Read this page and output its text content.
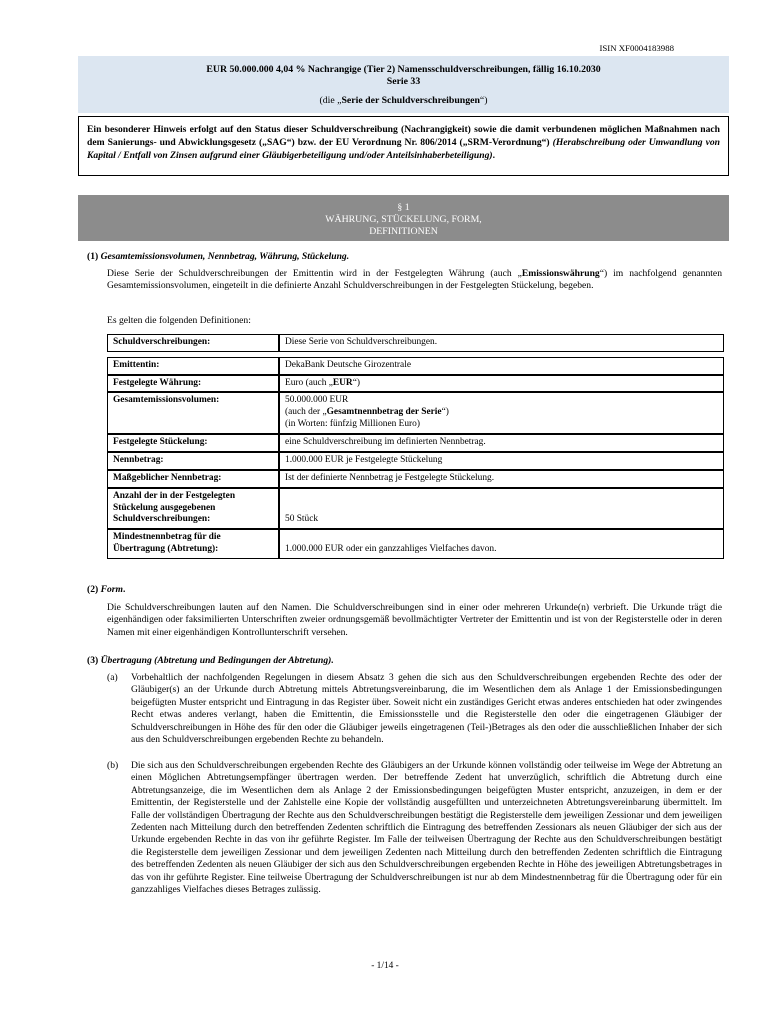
ISIN XF0004183988
EUR 50.000.000 4,04 % Nachrangige (Tier 2) Namensschuldverschreibungen, fällig 16.10.2030
Serie 33
(die „Serie der Schuldverschreibungen“)
Ein besonderer Hinweis erfolgt auf den Status dieser Schuldverschreibung (Nachrangigkeit) sowie die damit verbundenen möglichen Maßnahmen nach dem Sanierungs- und Abwicklungsgesetz („SAG“) bzw. der EU Verordnung Nr. 806/2014 („SRM-Verordnung“) (Herabschreibung oder Umwandlung von Kapital / Entfall von Zinsen aufgrund einer Gläubigerbeteiligung und/oder Anteilsinhaberbeteiligung).
§ 1
WÄHRUNG, STÜCKELUNG, FORM,
DEFINITIONEN
(1) Gesamtemissionsvolumen, Nennbetrag, Währung, Stückelung.
Diese Serie der Schuldverschreibungen der Emittentin wird in der Festgelegten Währung (auch „Emissionswährung“) im nachfolgend genannten Gesamtemissionsvolumen, eingeteilt in die definierte Anzahl Schuldverschreibungen in der Festgelegten Stückelung, begeben.
Es gelten die folgenden Definitionen:
Schuldverschreibungen:	Diese Serie von Schuldverschreibungen.

Emittentin:	DekaBank Deutsche Girozentrale
Festgelegte Währung:	Euro (auch „EUR“)
Gesamtemissionsvolumen:	50.000.000 EUR
(auch der „Gesamtnennbetrag der Serie“)
(in Worten: fünfzig Millionen Euro)

Festgelegte Stückelung:	eine Schuldverschreibung im definierten Nennbetrag.
Nennbetrag:	1.000.000 EUR je Festgelegte Stückelung
Maßgeblicher Nennbetrag:	Ist der definierte Nennbetrag je Festgelegte Stückelung.
Anzahl der in der Festgelegten Stückelung ausgegebenen Schuldverschreibungen:	50 Stück
Mindestnennbetrag für die Übertragung (Abtretung):	1.000.000 EUR oder ein ganzzahliges Vielfaches davon.
(2) Form.
Die Schuldverschreibungen lauten auf den Namen. Die Schuldverschreibungen sind in einer oder mehreren Urkunde(n) verbrieft. Die Urkunde trägt die eigenhändigen oder faksimilierten Unterschriften zweier ordnungsgemäß bevollmächtigter Vertreter der Emittentin und ist von der Registerstelle oder in deren Namen mit einer eigenhändigen Kontrollunterschrift versehen.
(3) Übertragung (Abtretung und Bedingungen der Abtretung).
(a) Vorbehaltlich der nachfolgenden Regelungen in diesem Absatz 3 gehen die sich aus den Schuldverschreibungen ergebenden Rechte des oder der Gläubiger(s) an der Urkunde durch Abtretung mittels Abtretungsvereinbarung, die im Wesentlichen dem als Anlage 1 der Emissionsbedingungen beigefügten Muster entspricht und Eintragung in das Register über. Soweit nicht ein zuständiges Gericht etwas anderes entschieden hat oder zwingendes Recht etwas anderes verlangt, haben die Emittentin, die Emissionsstelle und die Registerstelle den oder die eingetragenen Gläubiger der Schuldverschreibungen in Höhe des für den oder die Gläubiger jeweils eingetragenen (Teil-)Betrages als den oder die ausschließlichen Inhaber der sich aus den Schuldverschreibungen ergebenden Rechte zu behandeln.
(b) Die sich aus den Schuldverschreibungen ergebenden Rechte des Gläubigers an der Urkunde können vollständig oder teilweise im Wege der Abtretung an einen Möglichen Abtretungsempfänger übertragen werden. Der betreffende Zedent hat unverzüglich, schriftlich die Abtretung durch eine Abtretungsanzeige, die im Wesentlichen dem als Anlage 2 der Emissionsbedingungen beigefügten Muster entspricht, anzuzeigen, in dem er der Emittentin, der Registerstelle und der Zahlstelle eine Kopie der vollständig ausgefüllten und unterzeichneten Abtretungsvereinbarung übermittelt. Im Falle der vollständigen Übertragung der Rechte aus den Schuldverschreibungen bestätigt die Registerstelle dem jeweiligen Zessionar und dem jeweiligen Zedenten nach Mitteilung durch den betreffenden Zedenten schriftlich die Eintragung des betreffenden Zessionars als neuen Gläubiger der sich aus der Urkunde ergebenden Rechte in das von ihr geführte Register. Im Falle der teilweisen Übertragung der Rechte aus den Schuldverschreibungen bestätigt die Registerstelle dem jeweiligen Zessionar und dem jeweiligen Zedenten nach Mitteilung durch den betreffenden Zedenten schriftlich die Eintragung des betreffenden Zedenten als neuen Gläubiger der sich aus den Schuldverschreibungen ergebenden Rechte in Höhe des jeweiligen Abtretungsbetrages in das von ihr geführte Register. Eine teilweise Übertragung der Schuldverschreibungen ist nur ab dem Mindestnennbetrag für die Übertragung oder für ein ganzzahliges Vielfaches dieses Betrages zulässig.
- 1/14 -
